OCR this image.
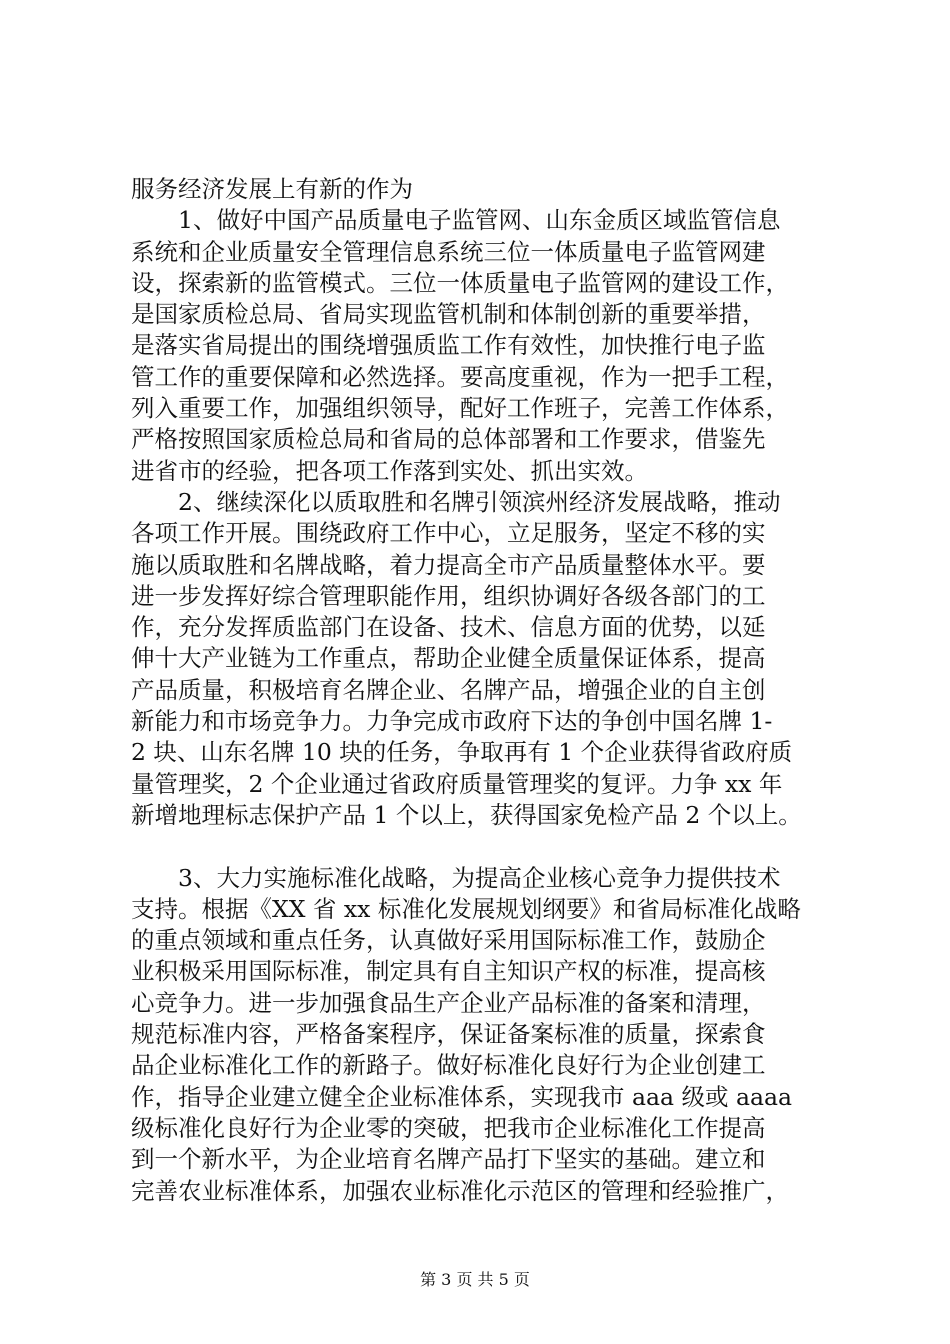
服务经济发展上有新的作为
1、做好中国产品质量电子监管网、山东金质区域监管信息
系统和企业质量安全管理信息系统三位一体质量电子监管网建
设，探索新的监管模式。三位一体质量电子监管网的建设工作，
是国家质检总局、省局实现监管机制和体制创新的重要举措，
是落实省局提出的围绕增强质监工作有效性，加快推行电子监
管工作的重要保障和必然选择。要高度重视，作为一把手工程，
列入重要工作，加强组织领导，配好工作班子，完善工作体系，
严格按照国家质检总局和省局的总体部署和工作要求，借鉴先
进省市的经验，把各项工作落到实处、抓出实效。
2、继续深化以质取胜和名牌引领滨州经济发展战略，推动
各项工作开展。围绕政府工作中心，立足服务，坚定不移的实
施以质取胜和名牌战略，着力提高全市产品质量整体水平。要
进一步发挥好综合管理职能作用，组织协调好各级各部门的工
作，充分发挥质监部门在设备、技术、信息方面的优势，以延
伸十大产业链为工作重点，帮助企业健全质量保证体系，提高
产品质量，积极培育名牌企业、名牌产品，增强企业的自主创
新能力和市场竞争力。力争完成市政府下达的争创中国名牌 1-
2 块、山东名牌 10 块的任务，争取再有 1 个企业获得省政府质
量管理奖，2 个企业通过省政府质量管理奖的复评。力争 xx 年
新增地理标志保护产品 1 个以上，获得国家免检产品 2 个以上。
3、大力实施标准化战略，为提高企业核心竞争力提供技术
支持。根据《XX 省 xx 标准化发展规划纲要》和省局标准化战略
的重点领域和重点任务，认真做好采用国际标准工作，鼓励企
业积极采用国际标准，制定具有自主知识产权的标准，提高核
心竞争力。进一步加强食品生产企业产品标准的备案和清理，
规范标准内容，严格备案程序，保证备案标准的质量，探索食
品企业标准化工作的新路子。做好标准化良好行为企业创建工
作，指导企业建立健全企业标准体系，实现我市 aaa 级或 aaaa
级标准化良好行为企业零的突破，把我市企业标准化工作提高
到一个新水平，为企业培育名牌产品打下坚实的基础。建立和
完善农业标准体系，加强农业标准化示范区的管理和经验推广，
第 3 页 共 5 页
